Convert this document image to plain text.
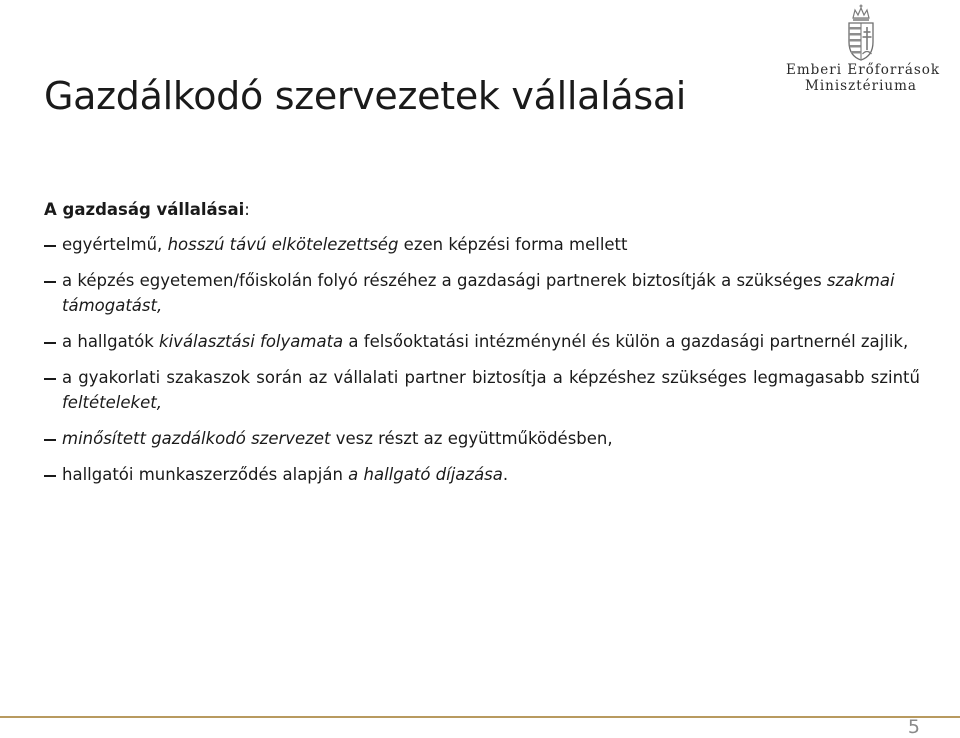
Gazdálkodó szervezetek vállalásai
Emberi Erőforrások
Minisztériuma

A gazdaság vállalásai:

egyértelmű, hosszú távú elkötelezettség ezen képzési forma mellett
a képzés egyetemen/főiskolán folyó részéhez a gazdasági partnerek biztosítják a szükséges szakmai támogatást,
a hallgatók kiválasztási folyamata a felsőoktatási intézménynél és külön a gazdasági partnernél zajlik,
a gyakorlati szakaszok során az vállalati partner biztosítja a képzéshez szükséges legmagasabb szintű feltételeket,
minősített gazdálkodó szervezet vesz részt az együttműködésben,
hallgatói munkaszerződés alapján a hallgató díjazása.
5
